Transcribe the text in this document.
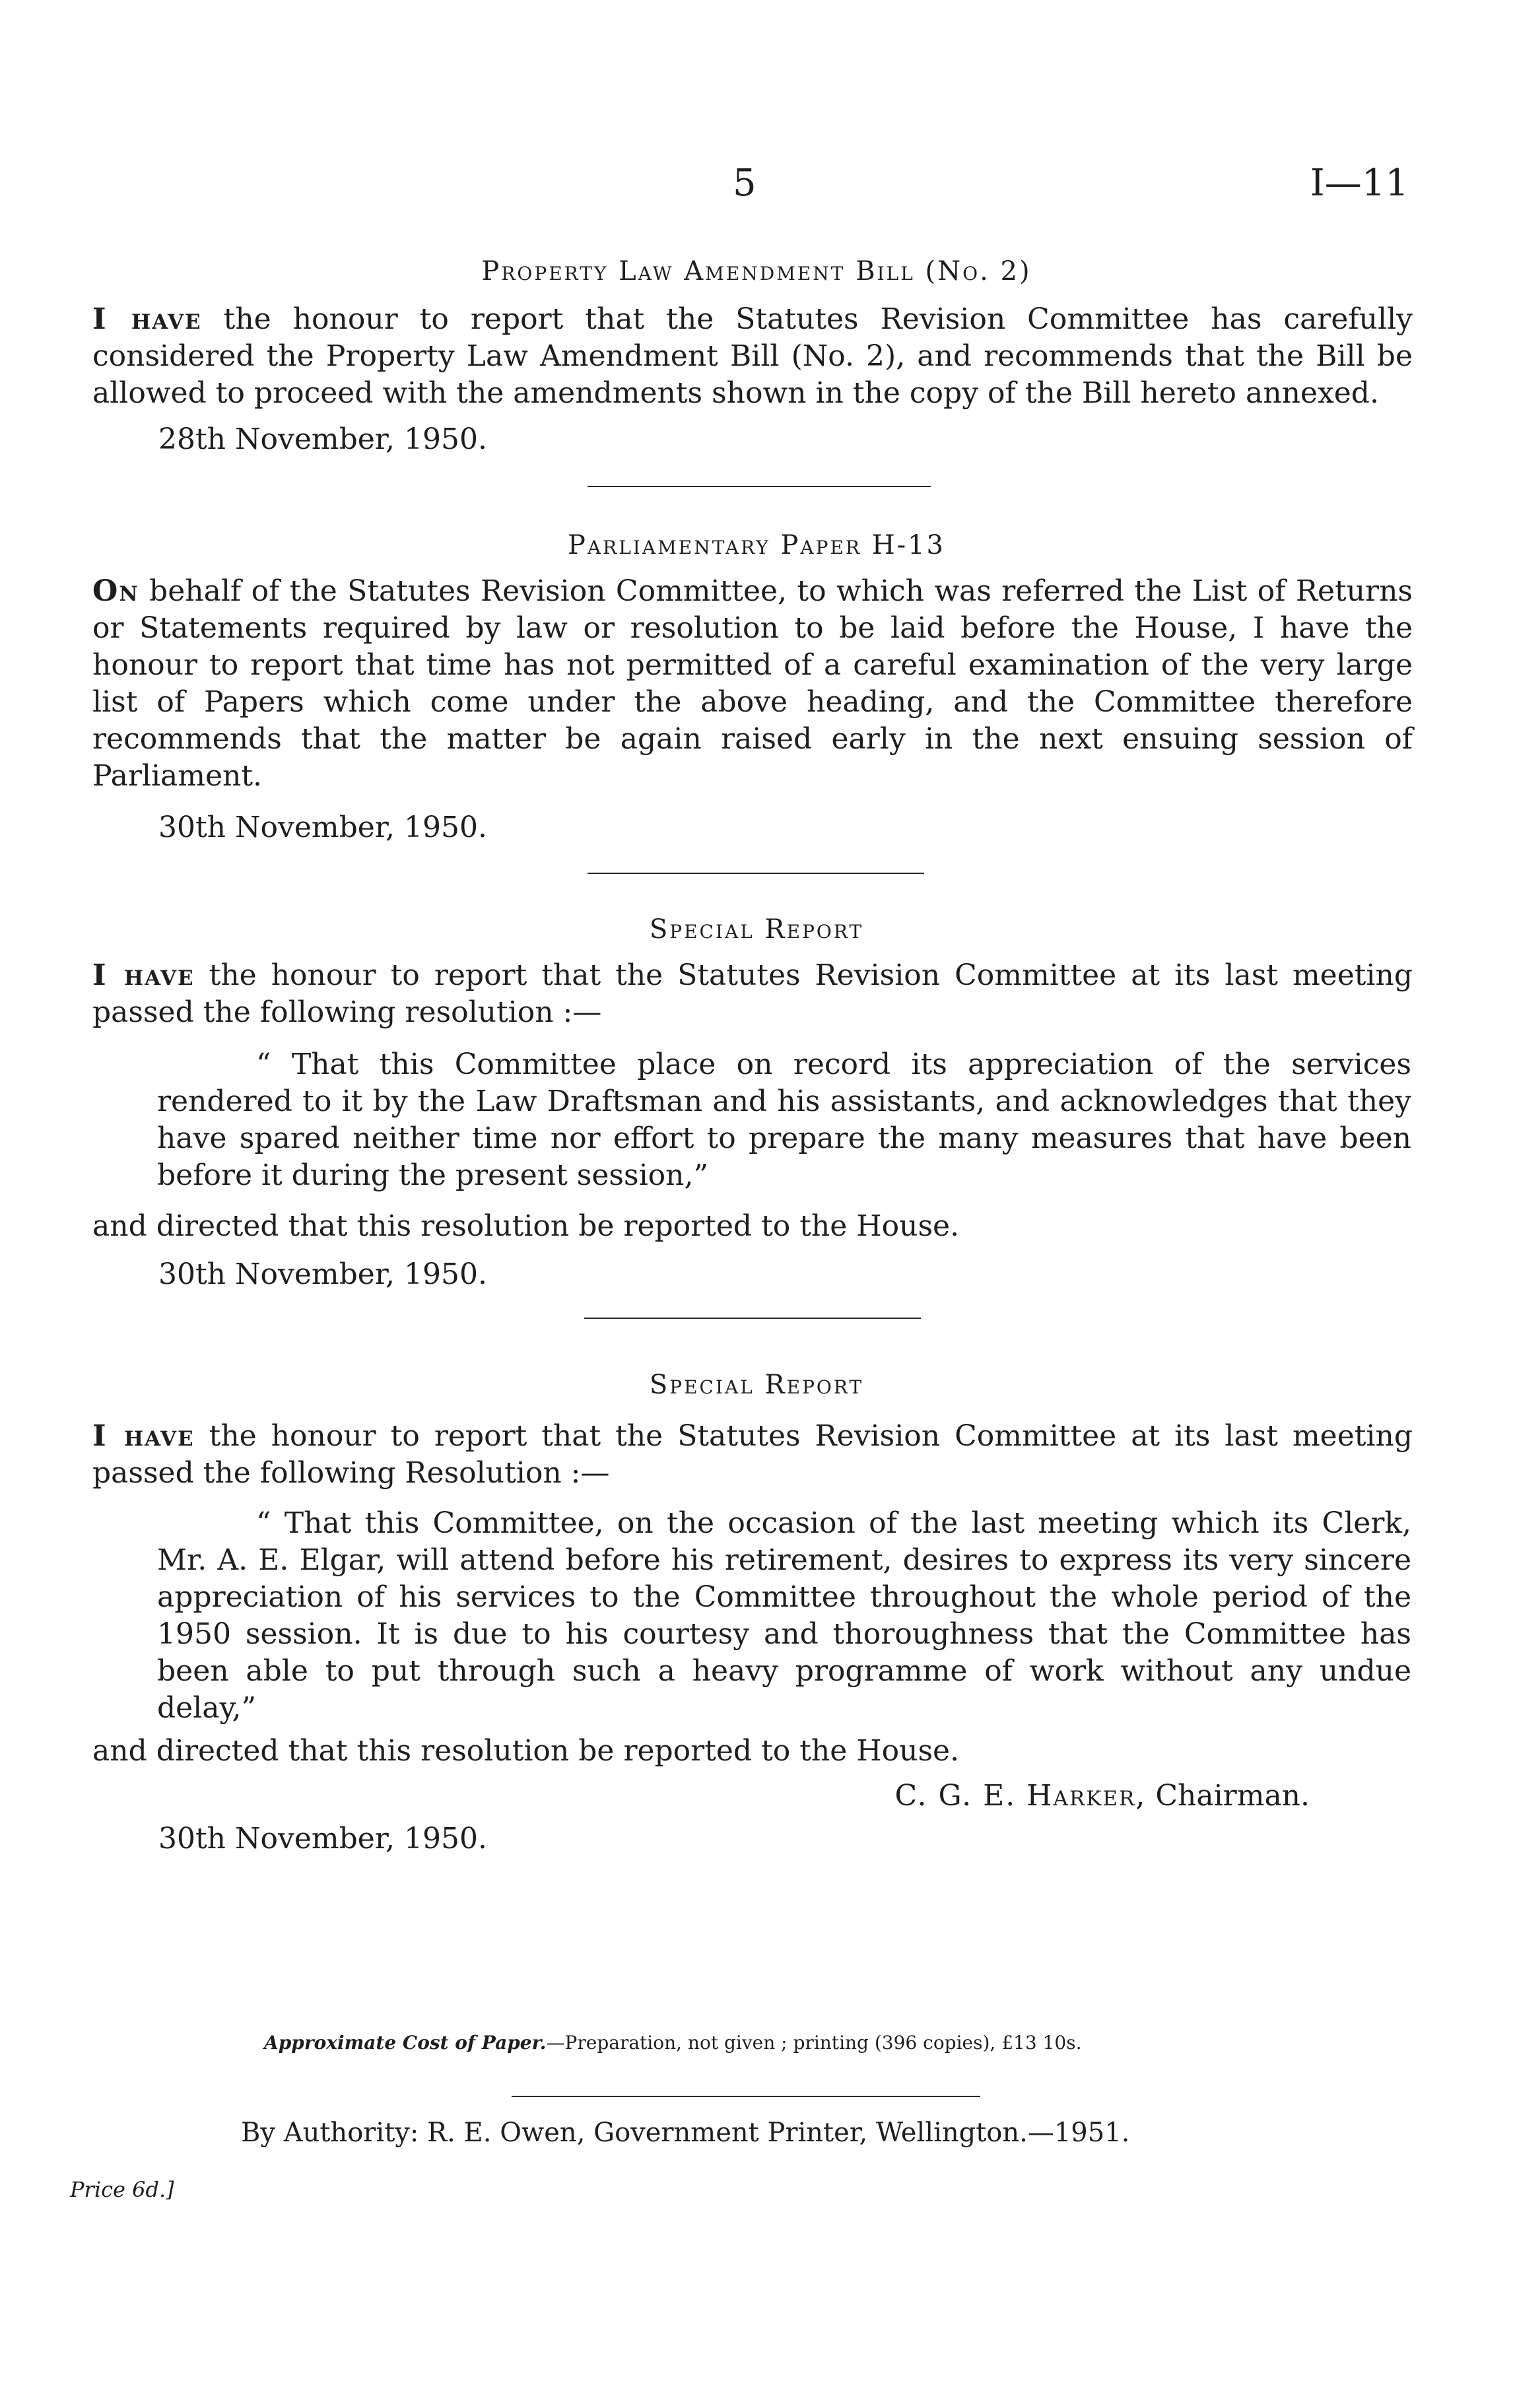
5	I—11
Property Law Amendment Bill (No. 2)

I have the honour to report that the Statutes Revision Committee has carefully considered the Property Law Amendment Bill (No. 2), and recommends that the Bill be allowed to proceed with the amendments shown in the copy of the Bill hereto annexed.

28th November, 1950.
Parliamentary Paper H-13

On behalf of the Statutes Revision Committee, to which was referred the List of Returns or Statements required by law or resolution to be laid before the House, I have the honour to report that time has not permitted of a careful examination of the very large list of Papers which come under the above heading, and the Committee therefore recommends that the matter be again raised early in the next ensuing session of Parliament.

30th November, 1950.
Special Report

I have the honour to report that the Statutes Revision Committee at its last meeting passed the following resolution :—

“ That this Committee place on record its appreciation of the services rendered to it by the Law Draftsman and his assistants, and acknowledges that they have spared neither time nor effort to prepare the many measures that have been before it during the present session,”

and directed that this resolution be reported to the House.

30th November, 1950.
Special Report

I have the honour to report that the Statutes Revision Committee at its last meeting passed the following Resolution :—

“ That this Committee, on the occasion of the last meeting which its Clerk, Mr. A. E. Elgar, will attend before his retirement, desires to express its very sincere appreciation of his services to the Committee throughout the whole period of the 1950 session. It is due to his courtesy and thoroughness that the Committee has been able to put through such a heavy programme of work without any undue delay,”

and directed that this resolution be reported to the House.

C. G. E. Harker, Chairman.
30th November, 1950.
Approximate Cost of Paper.—Preparation, not given ; printing (396 copies), £13 10s.
By Authority: R. E. Owen, Government Printer, Wellington.—1951.
Price 6d.]
